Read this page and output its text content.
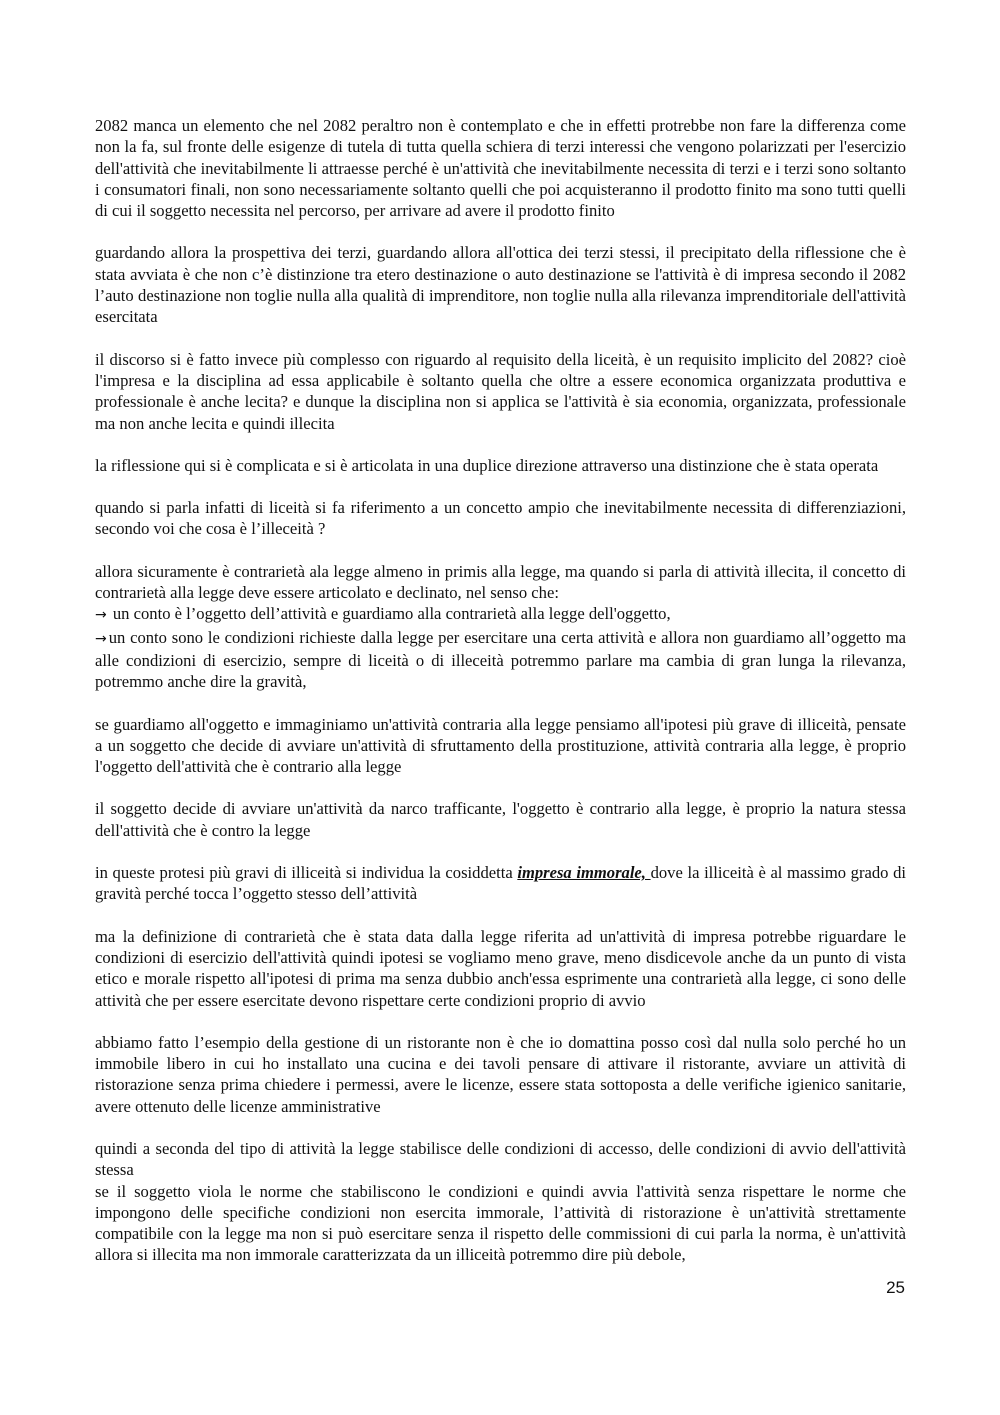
2082 manca un elemento che nel 2082 peraltro non è contemplato e che in effetti protrebbe non fare la differenza come non la fa, sul fronte delle esigenze di tutela di tutta quella schiera di terzi interessi che vengono polarizzati per l'esercizio dell'attività che inevitabilmente li attraesse perché è un'attività che inevitabilmente necessita di terzi e i terzi sono soltanto i consumatori finali, non sono necessariamente soltanto quelli che poi acquisteranno il prodotto finito ma sono tutti quelli di cui il soggetto necessita nel percorso, per arrivare ad avere il prodotto finito

guardando allora la prospettiva dei terzi, guardando allora all'ottica dei terzi stessi, il precipitato della riflessione che è stata avviata è che non c’è distinzione tra etero destinazione o auto destinazione se l'attività è di impresa secondo il 2082 l’auto destinazione non toglie nulla alla qualità di imprenditore, non toglie nulla alla rilevanza imprenditoriale dell'attività esercitata

il discorso si è fatto invece più complesso con riguardo al requisito della liceità, è un requisito implicito del 2082? cioè l'impresa e la disciplina ad essa applicabile è soltanto quella che oltre a essere economica organizzata produttiva e professionale è anche lecita? e dunque la disciplina non si applica se l'attività è sia economia, organizzata, professionale ma non anche lecita e quindi illecita

la riflessione qui si è complicata e si è articolata in una duplice direzione attraverso una distinzione che è stata operata

quando si parla infatti di liceità si fa riferimento a un concetto ampio che inevitabilmente necessita di differenziazioni, secondo voi che cosa è l’illeceità ?

allora sicuramente è contrarietà ala legge almeno in primis alla legge, ma quando si parla di attività illecita, il concetto di contrarietà alla legge deve essere articolato e declinato, nel senso che:

→ un conto è l’oggetto dell’attività e guardiamo alla contrarietà alla legge dell'oggetto,

→ un conto sono le condizioni richieste dalla legge per esercitare una certa attività e allora non guardiamo all’oggetto ma alle condizioni di esercizio, sempre di liceità o di illeceità potremmo parlare ma cambia di gran lunga la rilevanza, potremmo anche dire la gravità,

se guardiamo all'oggetto e immaginiamo un'attività contraria alla legge pensiamo all'ipotesi più grave di illiceità, pensate a un soggetto che decide di avviare un'attività di sfruttamento della prostituzione, attività contraria alla legge, è proprio l'oggetto dell'attività che è contrario alla legge

il soggetto decide di avviare un'attività da narco trafficante, l'oggetto è contrario alla legge, è proprio la natura stessa dell'attività che è contro la legge

in queste protesi più gravi di illiceità si individua la cosiddetta impresa immorale, dove la illiceità è al massimo grado di gravità perché tocca l’oggetto stesso dell’attività

ma la definizione di contrarietà che è stata data dalla legge riferita ad un'attività di impresa potrebbe riguardare le condizioni di esercizio dell'attività quindi ipotesi se vogliamo meno grave, meno disdicevole anche da un punto di vista etico e morale rispetto all'ipotesi di prima ma senza dubbio anch'essa esprimente una contrarietà alla legge, ci sono delle attività che per essere esercitate devono rispettare certe condizioni proprio di avvio

abbiamo fatto l’esempio della gestione di un ristorante non è che io domattina posso così dal nulla solo perché ho un immobile libero in cui ho installato una cucina e dei tavoli pensare di attivare il ristorante, avviare un attività di ristorazione senza prima chiedere i permessi, avere le licenze, essere stata sottoposta a delle verifiche igienico sanitarie, avere ottenuto delle licenze amministrative

quindi a seconda del tipo di attività la legge stabilisce delle condizioni di accesso, delle condizioni di avvio dell'attività stessa

se il soggetto viola le norme che stabiliscono le condizioni e quindi avvia l'attività senza rispettare le norme che impongono delle specifiche condizioni non esercita immorale, l’attività di ristorazione è un'attività strettamente compatibile con la legge ma non si può esercitare senza il rispetto delle commissioni di cui parla la norma, è un'attività allora si illecita ma non immorale caratterizzata da un illiceità potremmo dire più debole,

25
